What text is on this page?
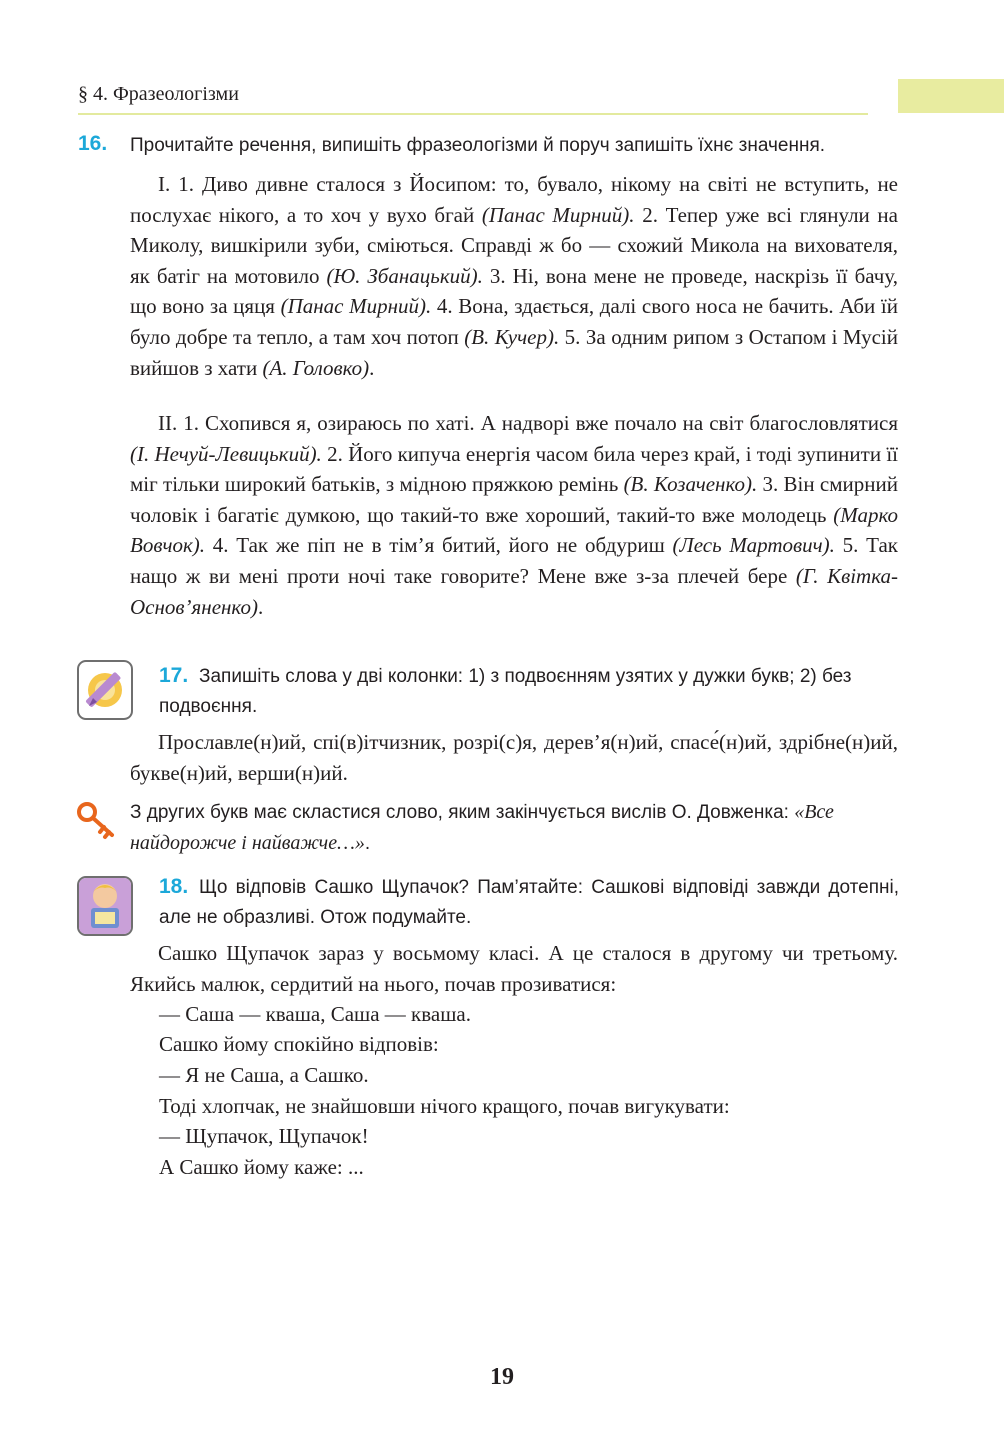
§ 4. Фразеологізми
16. Прочитайте речення, випишіть фразеологізми й поруч запишіть їхнє значення.

I. 1. Диво дивне сталося з Йосипом: то, бувало, нікому на світі не вступить, не послухає нікого, а то хоч у вухо бгай (Панас Мирний). 2. Тепер уже всі глянули на Миколу, вишкірили зуби, сміються. Справді ж бо — схожий Микола на вихователя, як батіг на мотовило (Ю. Збанацький). 3. Ні, вона мене не проведе, наскрізь її бачу, що воно за цяця (Панас Мирний). 4. Вона, здається, далі свого носа не бачить. Аби їй було добре та тепло, а там хоч потоп (В. Кучер). 5. За одним рипом з Остапом і Мусій вийшов з хати (А. Головко).

II. 1. Схопився я, озираюсь по хаті. А надворі вже почало на світ благословлятися (І. Нечуй-Левицький). 2. Його кипуча енергія часом била через край, і тоді зупинити її міг тільки широкий батьків, з мідною пряжкою ремінь (В. Козаченко). 3. Він смирний чоловік і багатіє думкою, що такий-то вже хороший, такий-то вже молодець (Марко Вовчок). 4. Так же піп не в тім’я битий, його не обдуриш (Лесь Мартович). 5. Так нащо ж ви мені проти ночі таке говорите? Мене вже з-за плечей бере (Г. Квітка-Основ’яненко).

17. Запишіть слова у дві колонки: 1) з подвоєнням узятих у дужки букв; 2) без подвоєння.

Прославле(н)ий, спі(в)ітчизник, розрі(с)я, дерев’я(н)ий, спасе́(н)ий, здрібне(н)ий, букве(н)ий, верши(н)ий.

З других букв має скластися слово, яким закінчується вислів О. Довженка: «Все найдорожче і найважче…».
18. Що відповів Сашко Щупачок? Пам’ятайте: Сашкові відповіді завжди дотепні, але не образливі. Отож подумайте.

Сашко Щупачок зараз у восьмому класі. А це сталося в другому чи третьому. Якийсь малюк, сердитий на нього, почав прозиватися:

— Саша — кваша, Саша — кваша.
Сашко йому спокійно відповів:
— Я не Саша, а Сашко.
Тоді хлопчак, не знайшовши нічого кращого, почав вигукувати:
— Щупачок, Щупачок!
А Сашко йому каже: ...
19
